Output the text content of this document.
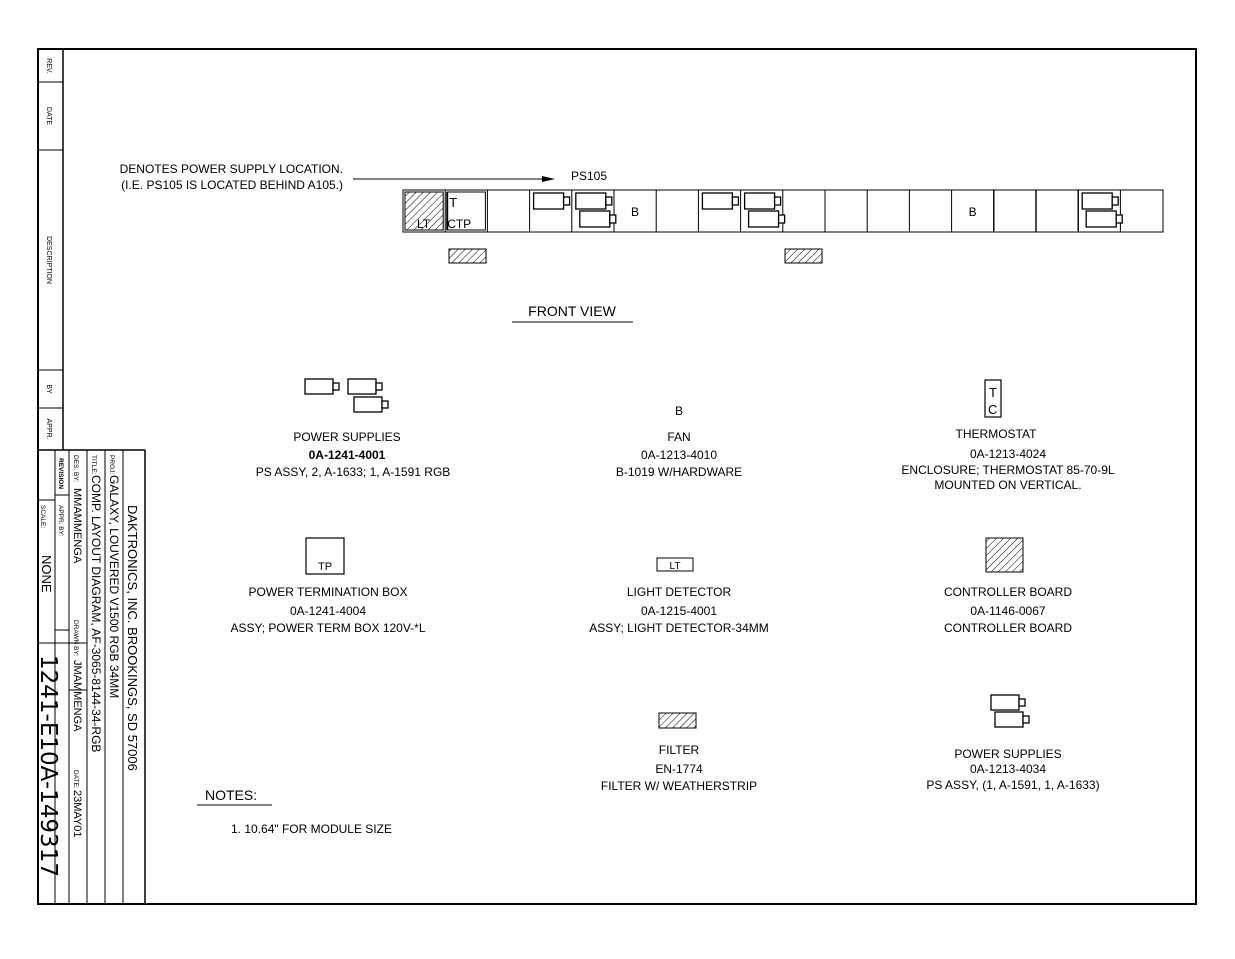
REV.
DATE
DESCRIPTION
BY
APPR.
DAKTRONICS, INC. BROOKINGS, SD 57006
PROJ:
GALAXY, LOUVERED V1500 RGB 34MM
TITLE:
COMP. LAYOUT DIAGRAM, AF-3065-8144-34-RGB
DES. BY:
MMAMMENGA
DRAWN BY:
JMAMMENGA
DATE:
23MAY01
REVISION
APPR. BY:
SCALE:
NONE
1241-E10A-149317
DENOTES POWER SUPPLY LOCATION.
(I.E. PS105 IS LOCATED BEHIND A105.)
PS105
LT
T
CTP
B	B
FRONT VIEW
POWER SUPPLIES
0A-1241-4001
PS ASSY, 2, A-1633; 1, A-1591 RGB
B
FAN
0A-1213-4010
B-1019 W/HARDWARE
T
C
THERMOSTAT
0A-1213-4024
ENCLOSURE; THERMOSTAT 85-70-9L
MOUNTED ON VERTICAL.
TP
POWER TERMINATION BOX
0A-1241-4004
ASSY; POWER TERM BOX 120V-*L
LT
LIGHT DETECTOR
0A-1215-4001
ASSY; LIGHT DETECTOR-34MM
CONTROLLER BOARD
0A-1146-0067
CONTROLLER BOARD
FILTER
EN-1774
FILTER W/ WEATHERSTRIP
POWER SUPPLIES
0A-1213-4034
PS ASSY, (1, A-1591, 1, A-1633)
NOTES:
1. 10.64" FOR MODULE SIZE
